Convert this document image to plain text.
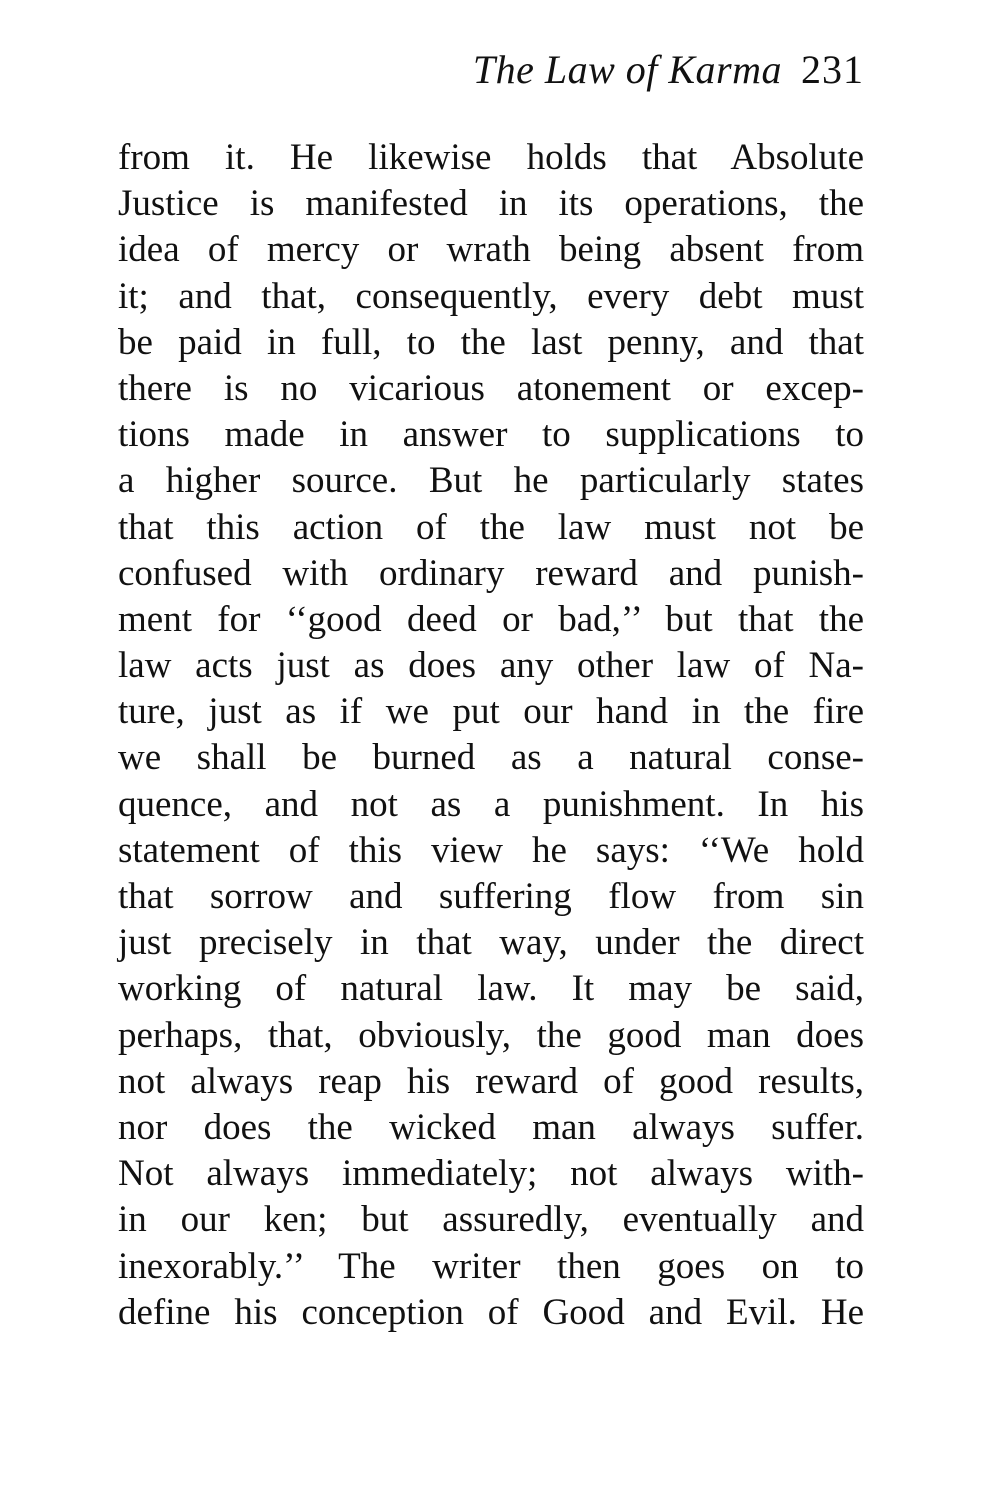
The Law of Karma 231
from it. He likewise holds that Absolute
Justice is manifested in its operations, the
idea of mercy or wrath being absent from
it; and that, consequently, every debt must
be paid in full, to the last penny, and that
there is no vicarious atonement or excep-
tions made in answer to supplications to
a higher source. But he particularly states
that this action of the law must not be
confused with ordinary reward and punish-
ment for ‘‘good deed or bad,’’ but that the
law acts just as does any other law of Na-
ture, just as if we put our hand in the fire
we shall be burned as a natural conse-
quence, and not as a punishment. In his
statement of this view he says: ‘‘We hold
that sorrow and suffering flow from sin
just precisely in that way, under the direct
working of natural law. It may be said,
perhaps, that, obviously, the good man does
not always reap his reward of good results,
nor does the wicked man always suffer.
Not always immediately; not always with-
in our ken; but assuredly, eventually and
inexorably.’’ The writer then goes on to
define his conception of Good and Evil. He
